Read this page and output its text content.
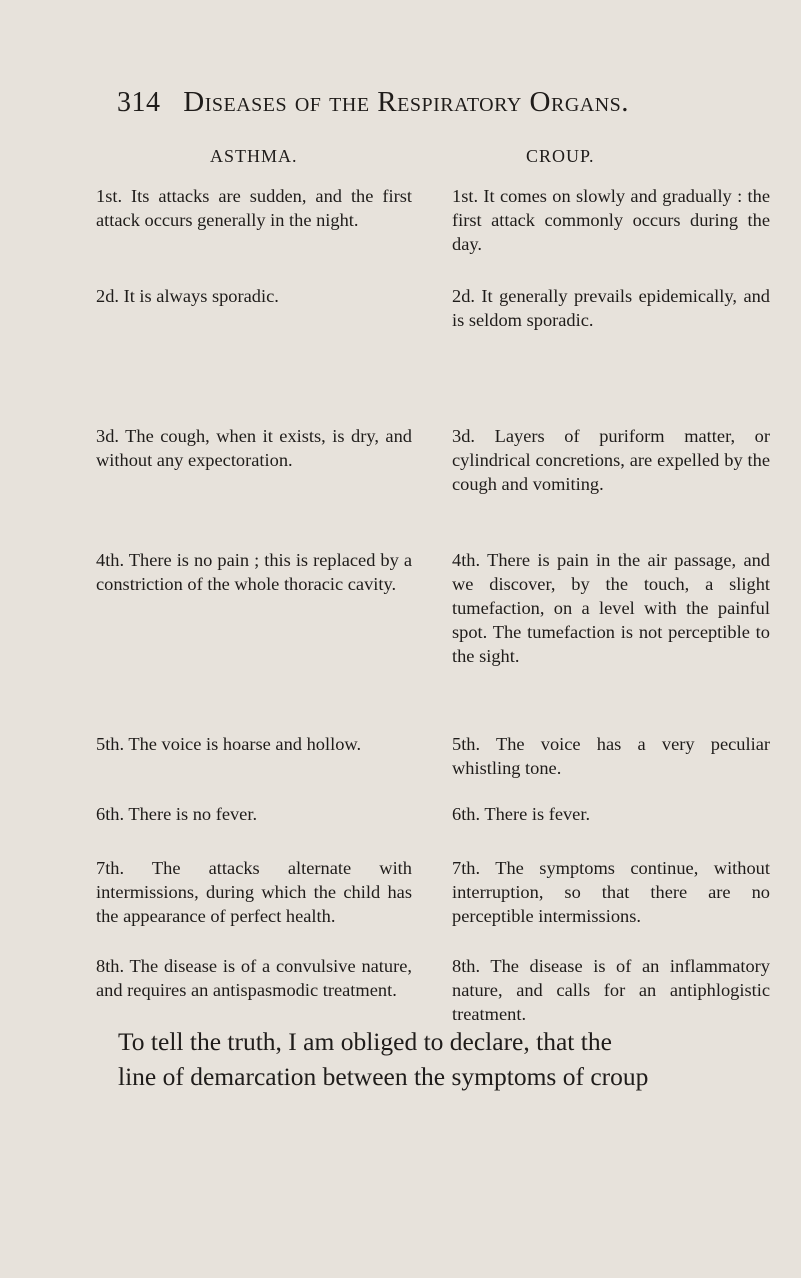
314 Diseases of the Respiratory Organs.
ASTHMA.	CROUP.
1st. Its attacks are sudden, and the first attack occurs generally in the night.
2d. It is always sporadic.
3d. The cough, when it exists, is dry, and without any expectoration.
4th. There is no pain ; this is replaced by a constriction of the whole thoracic cavity.
5th. The voice is hoarse and hollow.
6th. There is no fever.
7th. The attacks alternate with intermissions, during which the child has the appearance of perfect health.
8th. The disease is of a convulsive nature, and requires an antispasmodic treatment.
1st. It comes on slowly and gradually : the first attack commonly occurs during the day.
2d. It generally prevails epidemically, and is seldom sporadic.
3d. Layers of puriform matter, or cylindrical concretions, are expelled by the cough and vomiting.
4th. There is pain in the air passage, and we discover, by the touch, a slight tumefaction, on a level with the painful spot. The tumefaction is not perceptible to the sight.
5th. The voice has a very peculiar whistling tone.
6th. There is fever.
7th. The symptoms continue, without interruption, so that there are no perceptible intermissions.
8th. The disease is of an inflammatory nature, and calls for an antiphlogistic treatment.
To tell the truth, I am obliged to declare, that the
line of demarcation between the symptoms of croup
